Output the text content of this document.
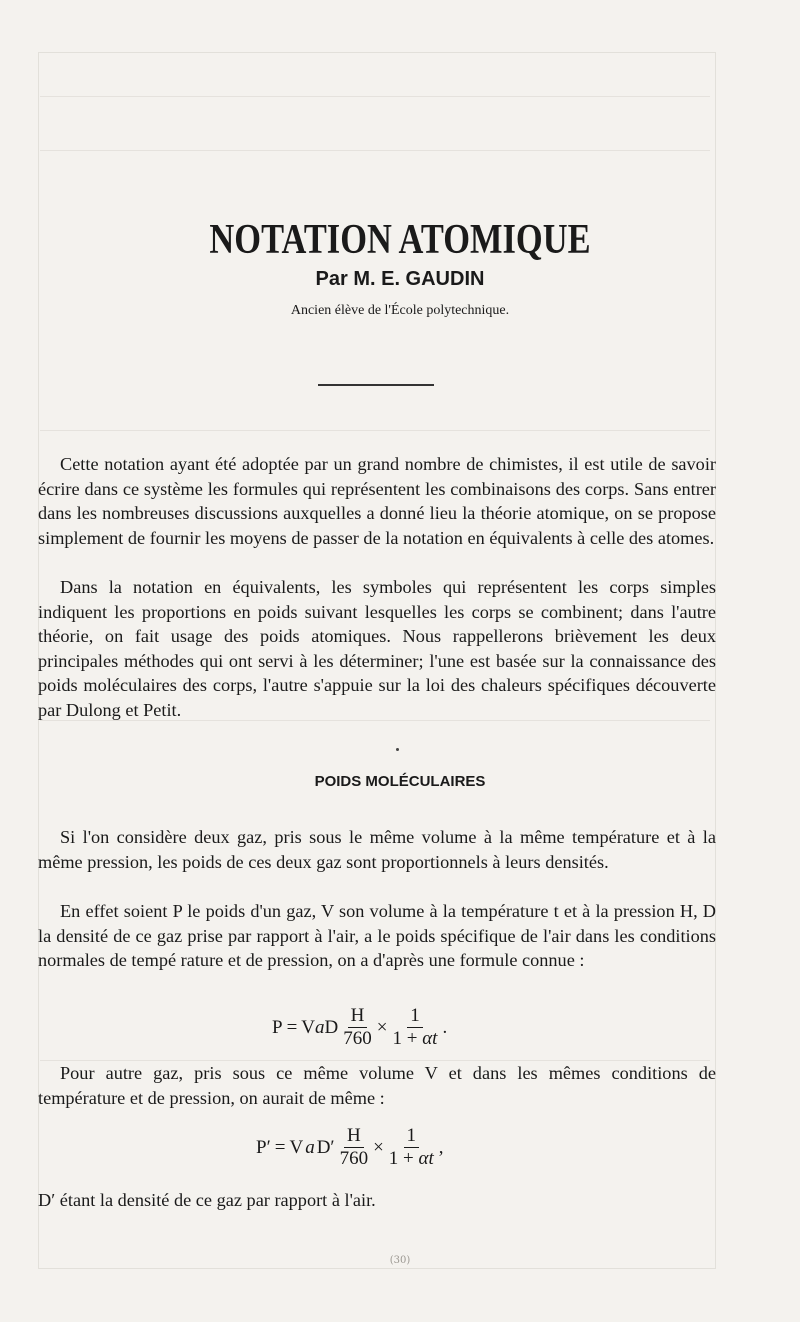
NOTATION ATOMIQUE
Par M. E. GAUDIN
Ancien élève de l'École polytechnique.

Cette notation ayant été adoptée par un grand nombre de chimistes, il est utile de savoir écrire dans ce système les formules qui représentent les combinaisons des corps. Sans entrer dans les nombreuses discussions auxquelles a donné lieu la théorie atomique, on se propose simplement de fournir les moyens de passer de la notation en équivalents à celle des atomes.

Dans la notation en équivalents, les symboles qui représentent les corps simples indiquent les proportions en poids suivant lesquelles les corps se combinent; dans l'autre théorie, on fait usage des poids atomiques. Nous rappellerons brièvement les deux principales méthodes qui ont servi à les déterminer; l'une est basée sur la connaissance des poids moléculaires des corps, l'autre s'appuie sur la loi des chaleurs spécifiques découverte par Dulong et Petit.

POIDS MOLÉCULAIRES

Si l'on considère deux gaz, pris sous le même volume à la même température et à la même pression, les poids de ces deux gaz sont proportionnels à leurs densités.

En effet soient P le poids d'un gaz, V son volume à la température t et à la pression H, D la densité de ce gaz prise par rapport à l'air, a le poids spécifique de l'air dans les conditions normales de tempé rature et de pression, on a d'après une formule connue :

P = V a D $\frac{H}{760} \times \frac{1}{1 + \alpha t}$ .

Pour autre gaz, pris sous ce même volume V et dans les mêmes conditions de température et de pression, on aurait de même :

P′ = V a $D' \frac{H}{760} \times \frac{1}{1 + \alpha t}$ ,

D′ étant la densité de ce gaz par rapport à l'air.

(30)
